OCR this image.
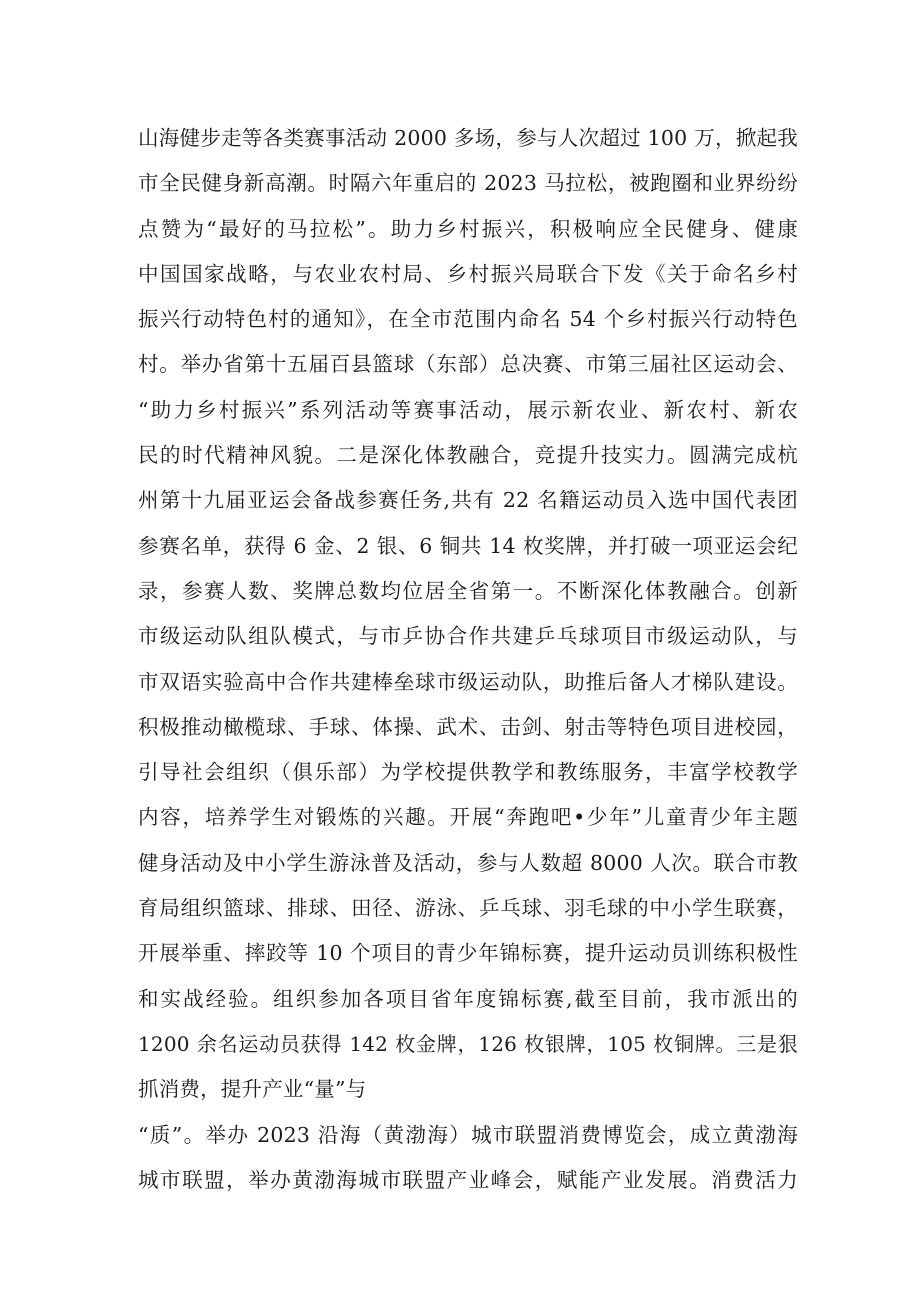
山海健步走等各类赛事活动 2000 多场，参与人次超过 100 万，掀起我
市全民健身新高潮。时隔六年重启的 2023 马拉松，被跑圈和业界纷纷
点赞为“最好的马拉松”。助力乡村振兴，积极响应全民健身、健康
中国国家战略，与农业农村局、乡村振兴局联合下发《关于命名乡村
振兴行动特色村的通知》，在全市范围内命名 54 个乡村振兴行动特色
村。举办省第十五届百县篮球（东部）总决赛、市第三届社区运动会、
“助力乡村振兴”系列活动等赛事活动，展示新农业、新农村、新农
民的时代精神风貌。二是深化体教融合，竞提升技实力。圆满完成杭
州第十九届亚运会备战参赛任务,共有 22 名籍运动员入选中国代表团
参赛名单，获得 6 金、2 银、6 铜共 14 枚奖牌，并打破一项亚运会纪
录，参赛人数、奖牌总数均位居全省第一。不断深化体教融合。创新
市级运动队组队模式，与市乒协合作共建乒乓球项目市级运动队，与
市双语实验高中合作共建棒垒球市级运动队，助推后备人才梯队建设。
积极推动橄榄球、手球、体操、武术、击剑、射击等特色项目进校园，
引导社会组织（俱乐部）为学校提供教学和教练服务，丰富学校教学
内容，培养学生对锻炼的兴趣。开展“奔跑吧•少年”儿童青少年主题
健身活动及中小学生游泳普及活动，参与人数超 8000 人次。联合市教
育局组织篮球、排球、田径、游泳、乒乓球、羽毛球的中小学生联赛，
开展举重、摔跤等 10 个项目的青少年锦标赛，提升运动员训练积极性
和实战经验。组织参加各项目省年度锦标赛,截至目前，我市派出的
1200 余名运动员获得 142 枚金牌，126 枚银牌，105 枚铜牌。三是狠
抓消费，提升产业“量”与
“质”。举办 2023 沿海（黄渤海）城市联盟消费博览会，成立黄渤海
城市联盟，举办黄渤海城市联盟产业峰会，赋能产业发展。消费活力
